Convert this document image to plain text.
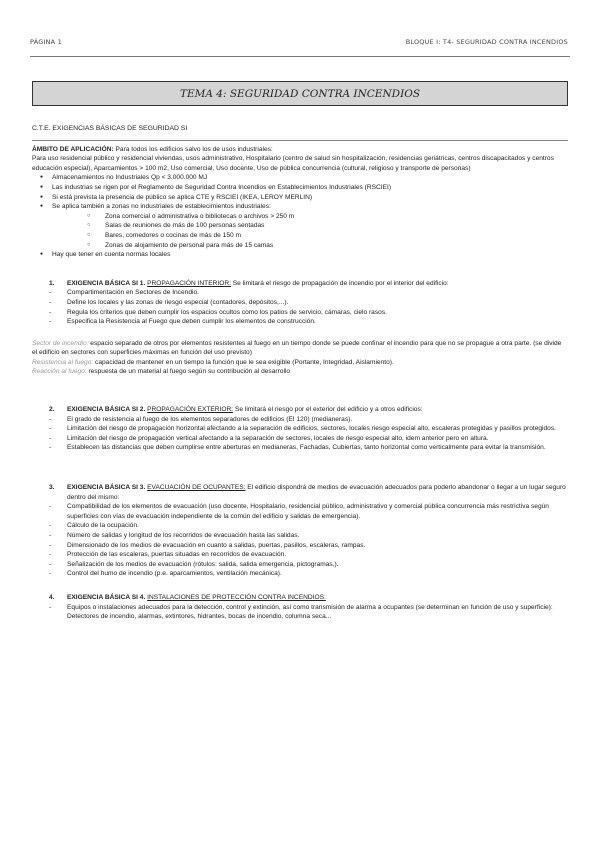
PÁGINA 1	BLOQUE I: T4- SEGURIDAD CONTRA INCENDIOS
TEMA 4: SEGURIDAD CONTRA INCENDIOS
C.T.E. EXIGENCIAS BÁSICAS DE SEGURIDAD SI
ÁMBITO DE APLICACIÓN: Para todos los edificios salvo los de usos industriales:
Para uso residencial público y residencial viviendas, usos administrativo, Hospitalario (centro de salud sin hospitalización, residencias geriátricas, centros discapacitados y centros educación especial), Aparcamientos > 100 m2, Uso comercial, Uso docente, Uso de pública concurrencia (cultural, religioso y transporte de personas)
● Almacenamientos no Industriales Qp < 3.000.000 MJ
● Las industrias se rigen por el Reglamento de Seguridad Contra Incendios en Establecimientos Industriales (RSCIEI)
● Si está prevista la presencia de público se aplica CTE y RSCIEI (IKEA, LEROY MERLIN)
● Se aplica también a zonas no industriales de establecimientos industriales:
○ Zona comercial o administrativa o bibliotecas o archivos > 250 m
○ Salas de reuniones de más de 100 personas sentadas
○ Bares, comedores o cocinas de más de 150 m
○ Zonas de alojamiento de personal para más de 15 camas
● Hay que tener en cuenta normas locales
1. EXIGENCIA BÁSICA SI 1. PROPAGACIÓN INTERIOR: Se limitará el riesgo de propagación de incendio por el interior del edificio:
- Compartimentación en Sectores de Incendio.
- Define los locales y las zonas de riesgo especial (contadores, depósitos,...).
- Regula los criterios que deben cumplir los espacios ocultos como los patios de servicio, cámaras, cielo rasos.
- Especifica la Resistencia al Fuego que deben cumplir los elementos de construcción.
Sector de incendio: espacio separado de otros por elementos resistentes al fuego en un tiempo donde se puede confinar el incendio para que no se propague a otra parte. (se divide el edificio en sectores con superficies máximas en función del uso previsto)
Resistencia al fuego: capacidad de mantener en un tiempo la función que le sea exigible (Portante, Integridad, Aislamiento).
Reacción al fuego: respuesta de un material al fuego según su contribución al desarrollo
2. EXIGENCIA BÁSICA SI 2. PROPAGACIÓN EXTERIOR: Se limitará el riesgo por el exterior del edificio y a otros edificios:
- El grado de resistencia al fuego de los elementos separadores de edificios (EI 120) (medianeras).
- Limitación del riesgo de propagación horizontal afectando a la separación de edificios, sectores, locales riesgo especial alto, escaleras protegidas y pasillos protegidos.
- Limitación del riesgo de propagación vertical afectando a la separación de sectores, locales de riesgo especial alto, idem anterior pero en altura.
- Establecen las distancias que deben cumplirse entre aberturas en medianeras, Fachadas, Cubiertas, tanto horizontal como verticalmente para evitar la transmisión.
3. EXIGENCIA BÁSICA SI 3. EVACUACIÓN DE OCUPANTES: El edificio dispondrá de medios de evacuación adecuados para poderlo abandonar o llegar a un lugar seguro dentro del mismo:
- Compatibilidad de los elementos de evacuación (uso docente, Hospitalario, residencial público, administrativo y comercial pública concurrencia más restrictiva según superficies con vías de evacuación independiente de la común del edificio y salidas de emergencia).
- Cálculo de la ocupación.
- Número de salidas y longitud de los recorridos de evacuación hasta las salidas.
- Dimensionado de los medios de evacuación en cuanto a salidas, puertas, pasillos, escaleras, rampas.
- Protección de las escaleras, puertas situadas en recorridos de evacuación.
- Señalización de los medios de evacuación (rótulos: salida, salida emergencia, pictogramas,).
- Control del humo de incendio (p.e. aparcamientos, ventilación mecánica).
4. EXIGENCIA BÁSICA SI 4. INSTALACIONES DE PROTECCIÓN CONTRA INCENDIOS:
- Equipos o instalaciones adecuados para la detección, control y extinción, así como transmisión de alarma a ocupantes (se determinan en función de uso y superficie): Detectores de incendio, alarmas, extintores, hidrantes, bocas de incendio, columna seca...
